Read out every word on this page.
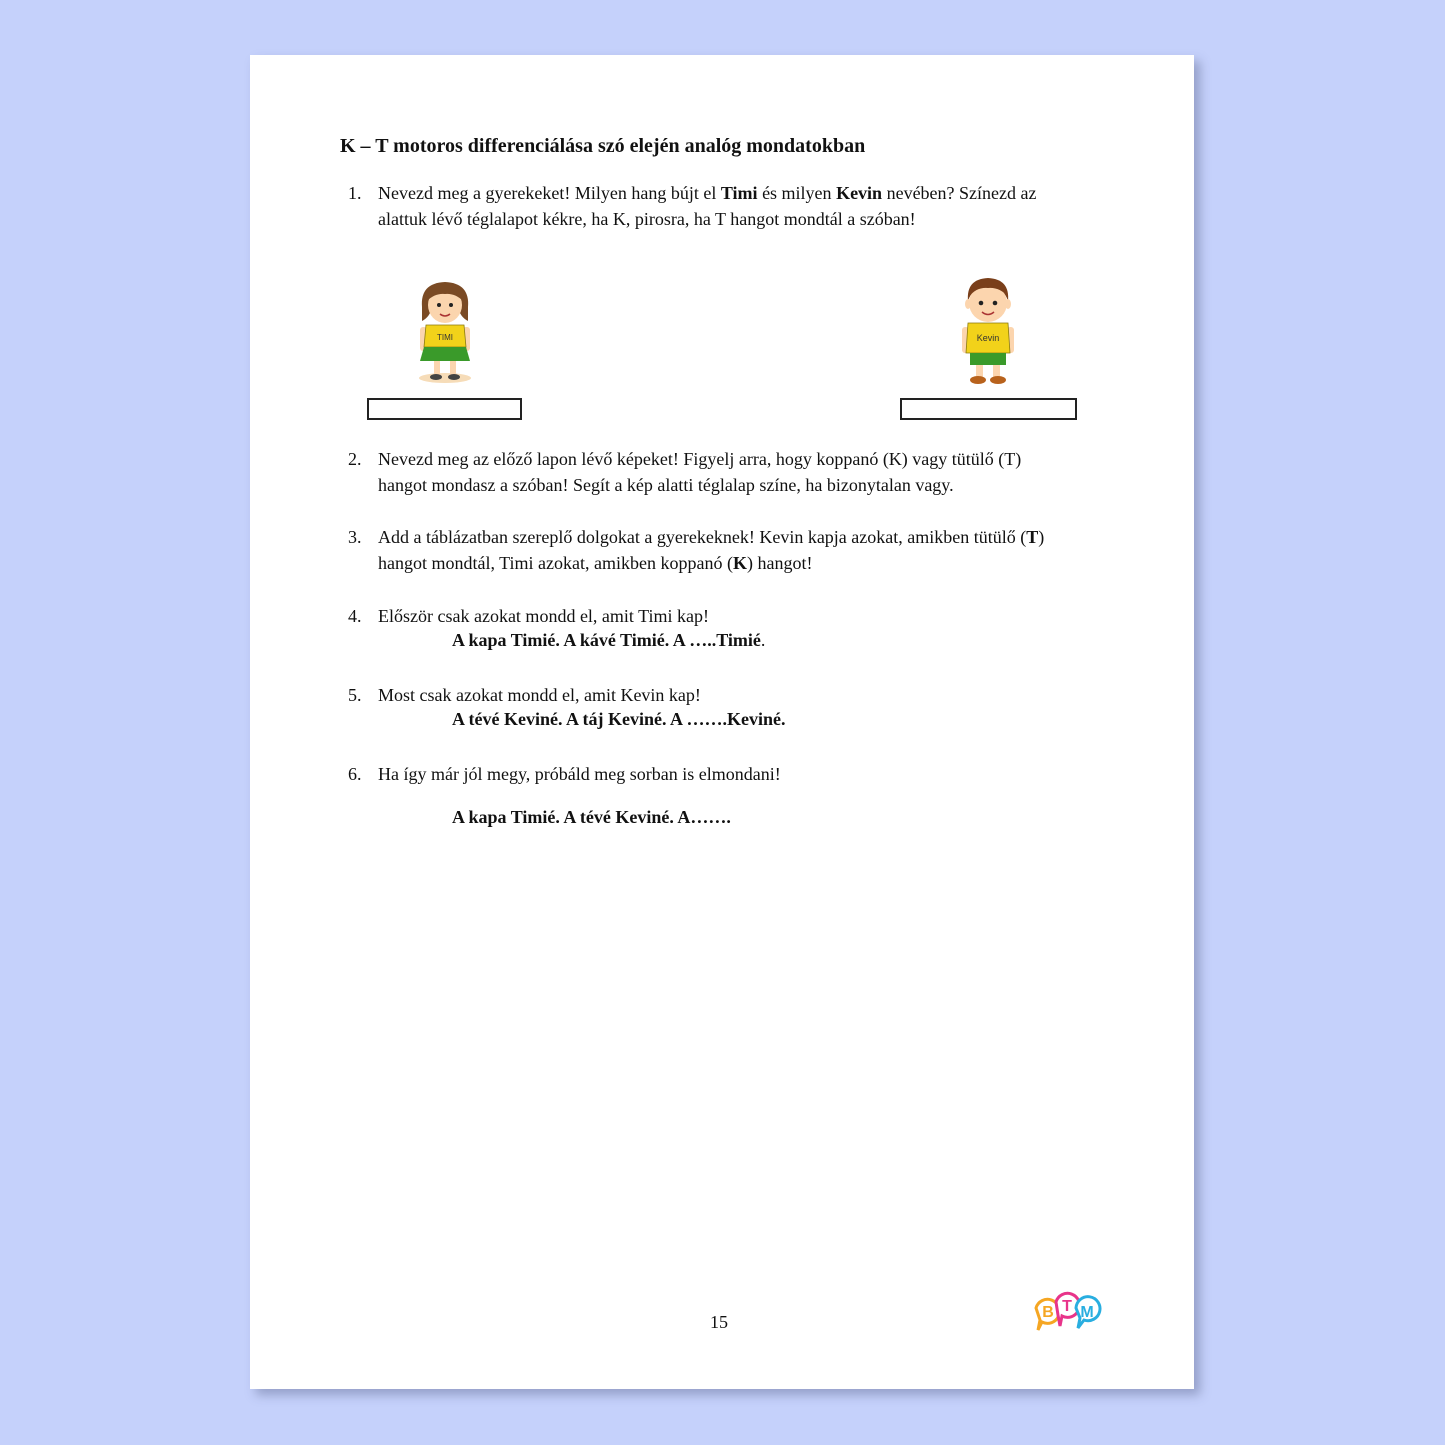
K – T motoros differenciálása szó elején analóg mondatokban
1. Nevezd meg a gyerekeket! Milyen hang bújt el Timi és milyen Kevin nevében? Színezd az
alattuk lévő téglalapot kékre, ha K, pirosra, ha T hangot mondtál a szóban!
TIMI	Kevin
2. Nevezd meg az előző lapon lévő képeket! Figyelj arra, hogy koppanó (K) vagy tütülő (T)
hangot mondasz a szóban! Segít a kép alatti téglalap színe, ha bizonytalan vagy.
3. Add a táblázatban szereplő dolgokat a gyerekeknek! Kevin kapja azokat, amikben tütülő (T)
hangot mondtál, Timi azokat, amikben koppanó (K) hangot!
4. Először csak azokat mondd el, amit Timi kap!
A kapa Timié. A kávé Timié. A …..Timié.
5. Most csak azokat mondd el, amit Kevin kap!
A tévé Keviné. A táj Keviné. A …….Keviné.
6. Ha így már jól megy, próbáld meg sorban is elmondani!
A kapa Timié. A tévé Keviné. A…….
15	B T M
